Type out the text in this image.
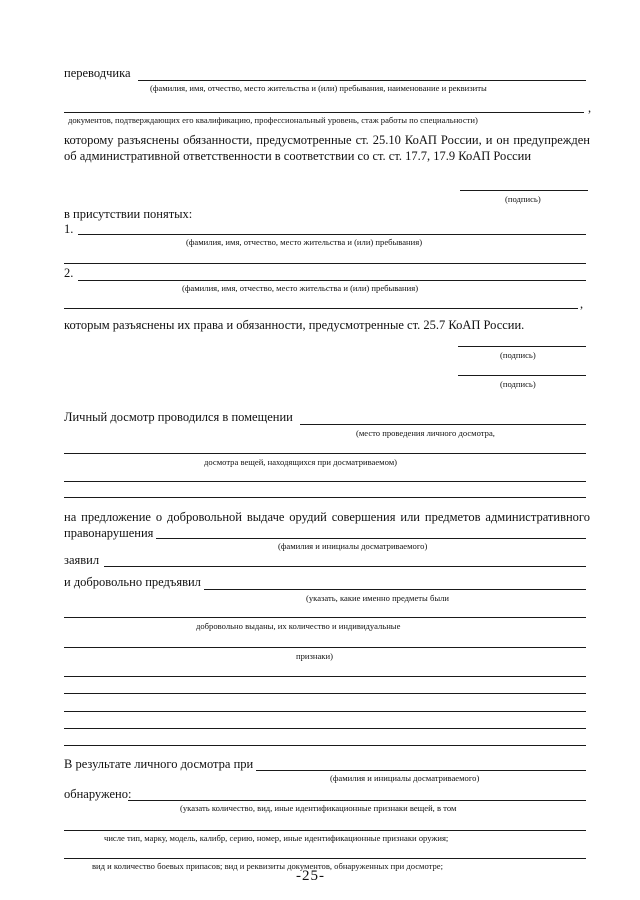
переводчика
(фамилия, имя, отчество, место жительства и (или) пребывания, наименование и реквизиты
,
документов, подтверждающих его квалификацию, профессиональный уровень, стаж работы по специальности)
которому разъяснены обязанности, предусмотренные ст. 25.10 КоАП России, и он предупрежден об административной ответственности в соответствии со ст. ст. 17.7, 17.9 КоАП России
(подпись)
в присутствии понятых:
1.
(фамилия, имя, отчество, место жительства и (или) пребывания)
2.
(фамилия, имя, отчество, место жительства и (или) пребывания)
,
которым разъяснены их права и обязанности, предусмотренные ст. 25.7 КоАП России.
(подпись)
(подпись)
Личный досмотр проводился в помещении
(место проведения личного досмотра,
досмотра вещей, находящихся при досматриваемом)
на предложение о добровольной выдаче орудий совершения или предметов административного правонарушения
(фамилия и инициалы досматриваемого)
заявил
и добровольно предъявил
(указать, какие именно предметы были
добровольно выданы, их количество и индивидуальные
признаки)
В результате личного досмотра при
(фамилия и инициалы досматриваемого)
обнаружено:
(указать количество, вид, иные идентификационные признаки вещей, в том
числе тип, марку, модель, калибр, серию, номер, иные идентификационные признаки оружия;
вид и количество боевых припасов; вид и реквизиты документов, обнаруженных при досмотре;
-25-
